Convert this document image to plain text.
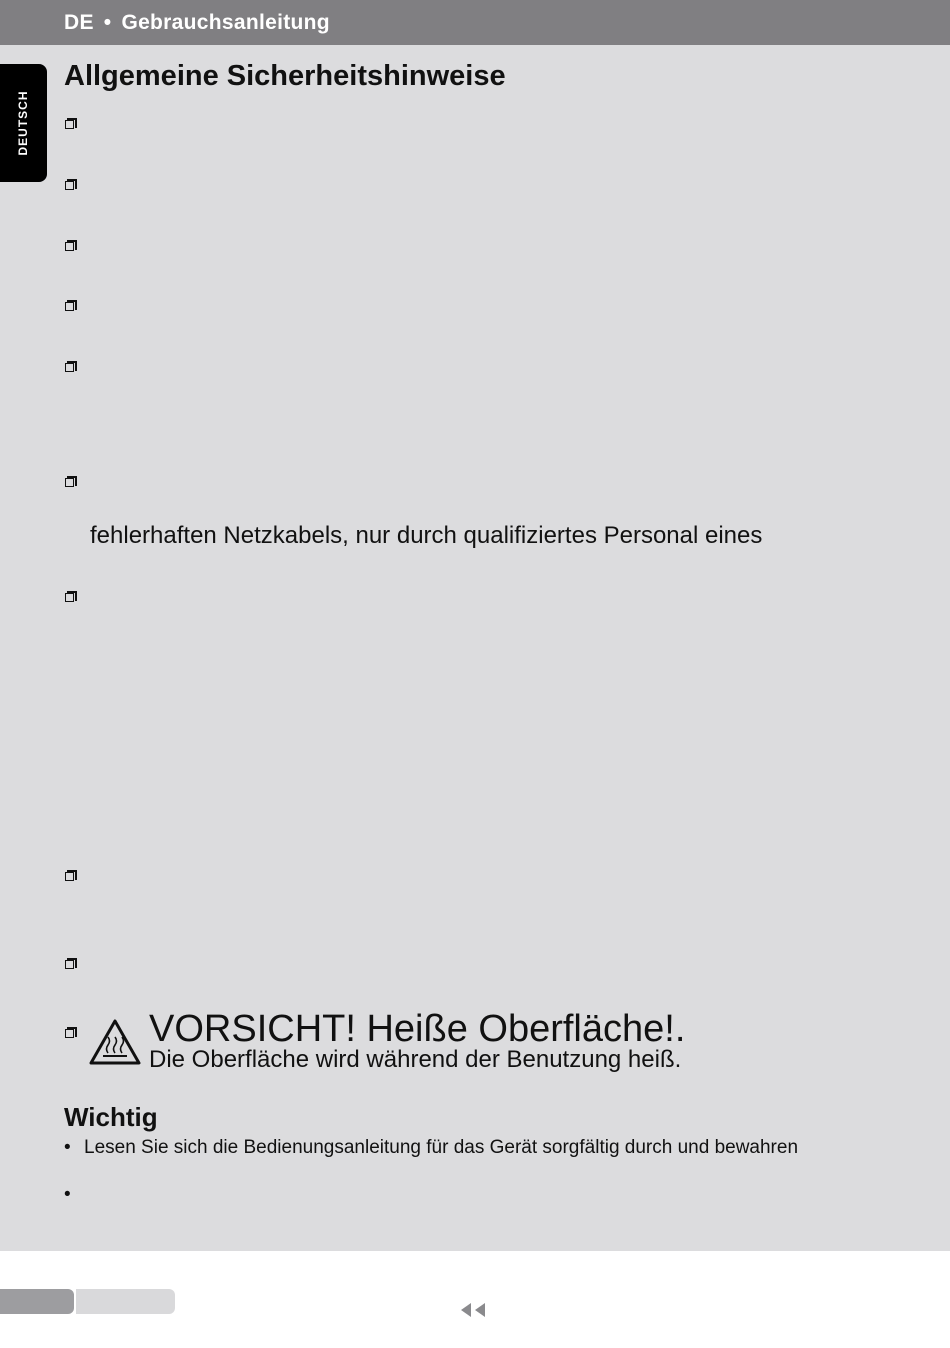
DE • Gebrauchsanleitung
DEUTSCH
Allgemeine Sicherheitshinweise
fehlerhaften Netzkabels, nur durch qualifiziertes Personal eines
VORSICHT! Heiße Oberfläche!.
Die Oberfläche wird während der Benutzung heiß.
Wichtig
• Lesen Sie sich die Bedienungsanleitung für das Gerät sorgfältig durch und bewahren
•
